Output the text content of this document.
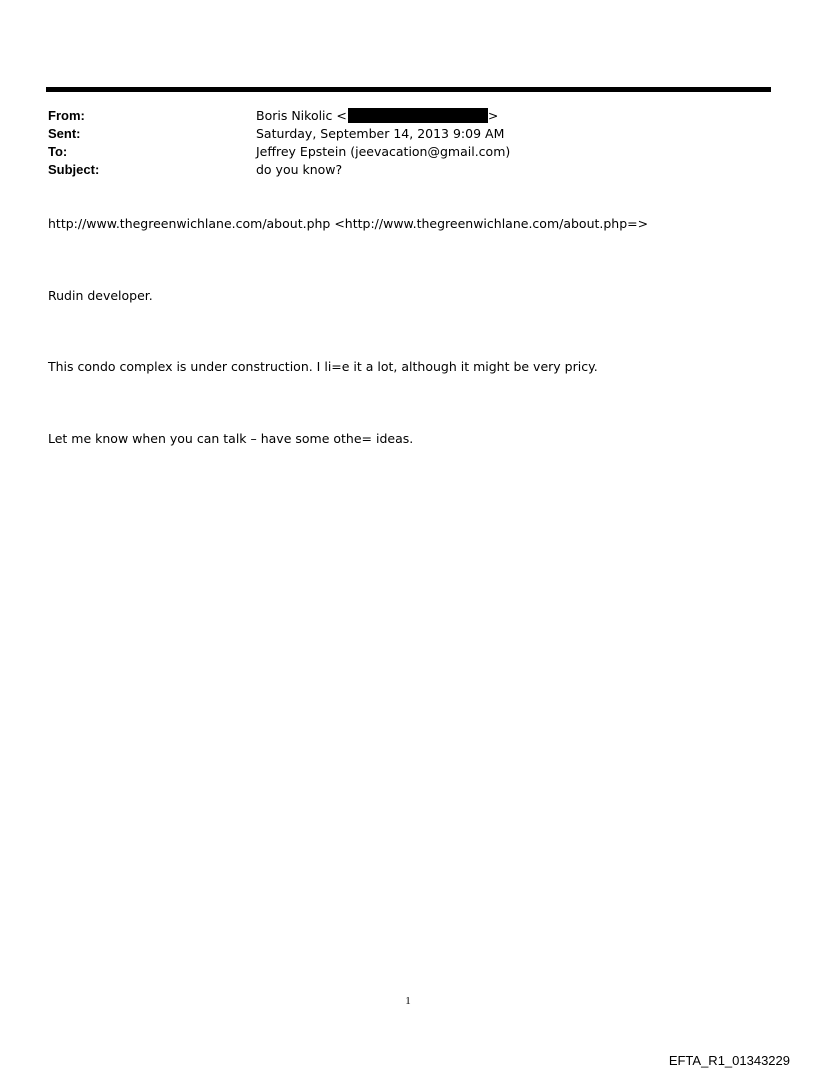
From:
Sent:
To:
Subject:
Boris Nikolic <	>
Saturday, September 14, 2013 9:09 AM
Jeffrey Epstein (jeevacation@gmail.com)
do you know?
http://www.thegreenwichlane.com/about.php <http://www.thegreenwichlane.com/about.php=>
Rudin developer.
This condo complex is under construction. I li=e it a lot, although it might be very pricy.
Let me know when you can talk – have some othe= ideas.
1
EFTA_R1_01343229
